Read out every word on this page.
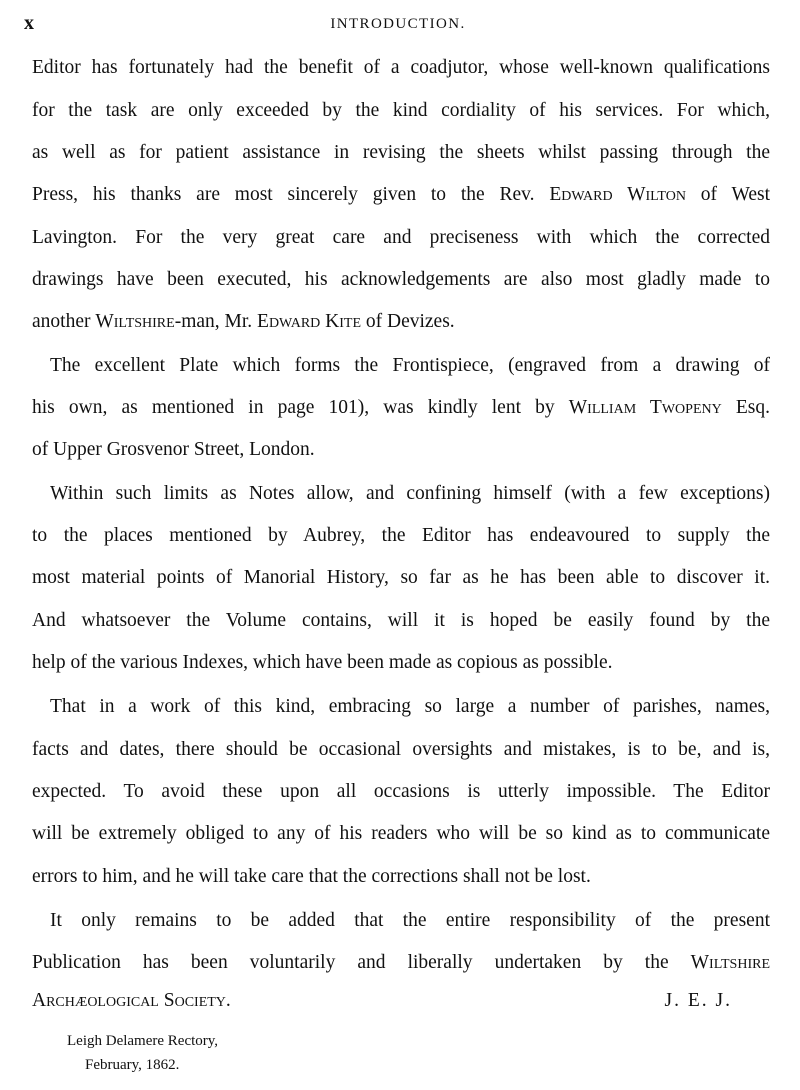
x	INTRODUCTION.
Editor has fortunately had the benefit of a coadjutor, whose well-known qualifications
for the task are only exceeded by the kind cordiality of his services. For which,
as well as for patient assistance in revising the sheets whilst passing through the
Press, his thanks are most sincerely given to the Rev. Edward Wilton of West
Lavington. For the very great care and preciseness with which the corrected
drawings have been executed, his acknowledgements are also most gladly made to
another Wiltshire-man, Mr. Edward Kite of Devizes.
The excellent Plate which forms the Frontispiece, (engraved from a drawing of
his own, as mentioned in page 101), was kindly lent by William Twopeny Esq.
of Upper Grosvenor Street, London.
Within such limits as Notes allow, and confining himself (with a few exceptions)
to the places mentioned by Aubrey, the Editor has endeavoured to supply the
most material points of Manorial History, so far as he has been able to discover it.
And whatsoever the Volume contains, will it is hoped be easily found by the
help of the various Indexes, which have been made as copious as possible.
That in a work of this kind, embracing so large a number of parishes, names,
facts and dates, there should be occasional oversights and mistakes, is to be, and is,
expected. To avoid these upon all occasions is utterly impossible. The Editor
will be extremely obliged to any of his readers who will be so kind as to communicate
errors to him, and he will take care that the corrections shall not be lost.
It only remains to be added that the entire responsibility of the present
Publication has been voluntarily and liberally undertaken by the Wiltshire
Archæological Society.	J. E. J.
Leigh Delamere Rectory,
February, 1862.
